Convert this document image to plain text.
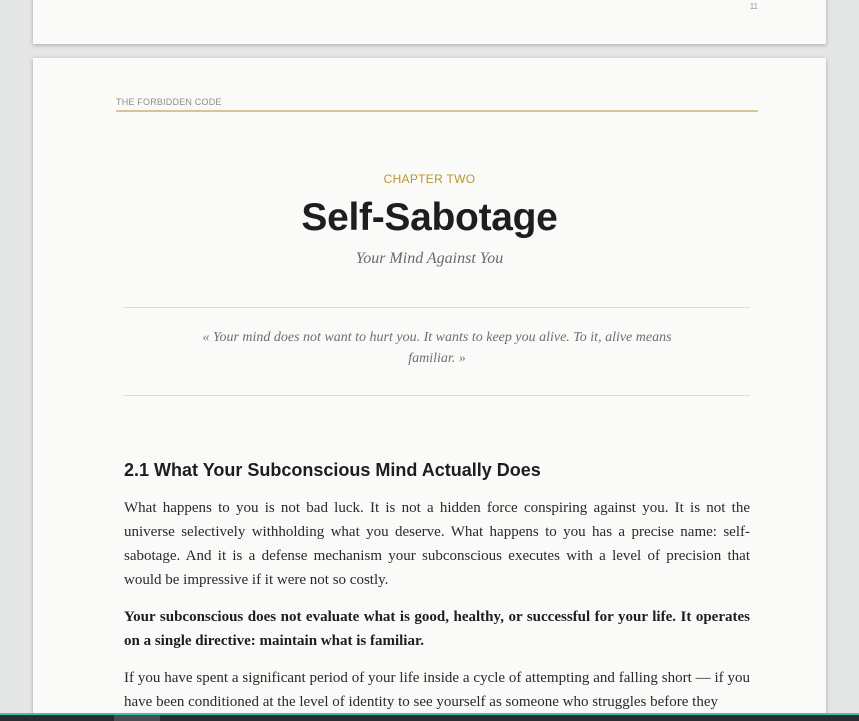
11
THE FORBIDDEN CODE
CHAPTER TWO
Self-Sabotage
Your Mind Against You
« Your mind does not want to hurt you. It wants to keep you alive. To it, alive means familiar. »
2.1 What Your Subconscious Mind Actually Does

What happens to you is not bad luck. It is not a hidden force conspiring against you. It is not the universe selectively withholding what you deserve. What happens to you has a precise name: self-sabotage. And it is a defense mechanism your subconscious executes with a level of precision that would be impressive if it were not so costly.

Your subconscious does not evaluate what is good, healthy, or successful for your life. It operates on a single directive: maintain what is familiar.

If you have spent a significant period of your life inside a cycle of attempting and falling short — if you have been conditioned at the level of identity to see yourself as someone who struggles before they
